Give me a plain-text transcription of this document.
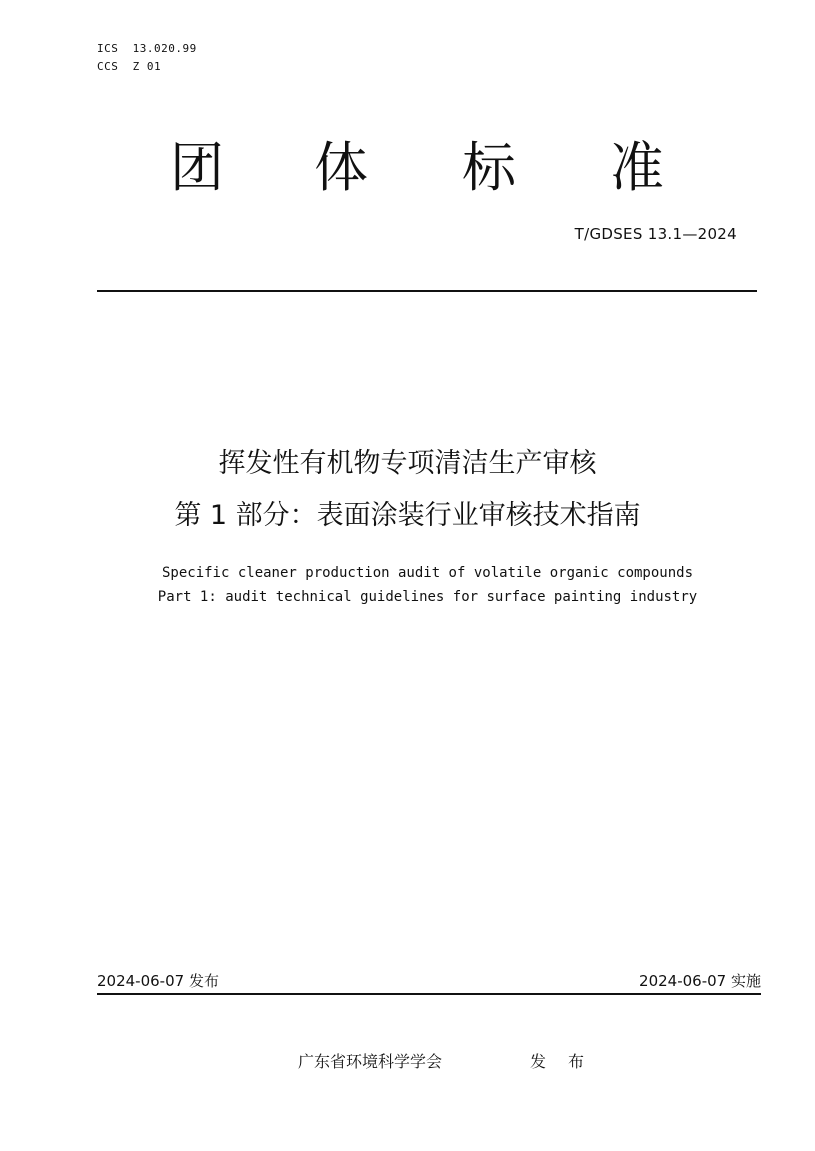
ICS  13.020.99
CCS  Z 01
团 体 标 准
T/GDSES 13.1—2024
挥发性有机物专项清洁生产审核
第 1 部分：表面涂装行业审核技术指南
Specific cleaner production audit of volatile organic compounds
Part 1: audit technical guidelines for surface painting industry
2024-06-07 发布	2024-06-07 实施
广东省环境科学学会	发布
